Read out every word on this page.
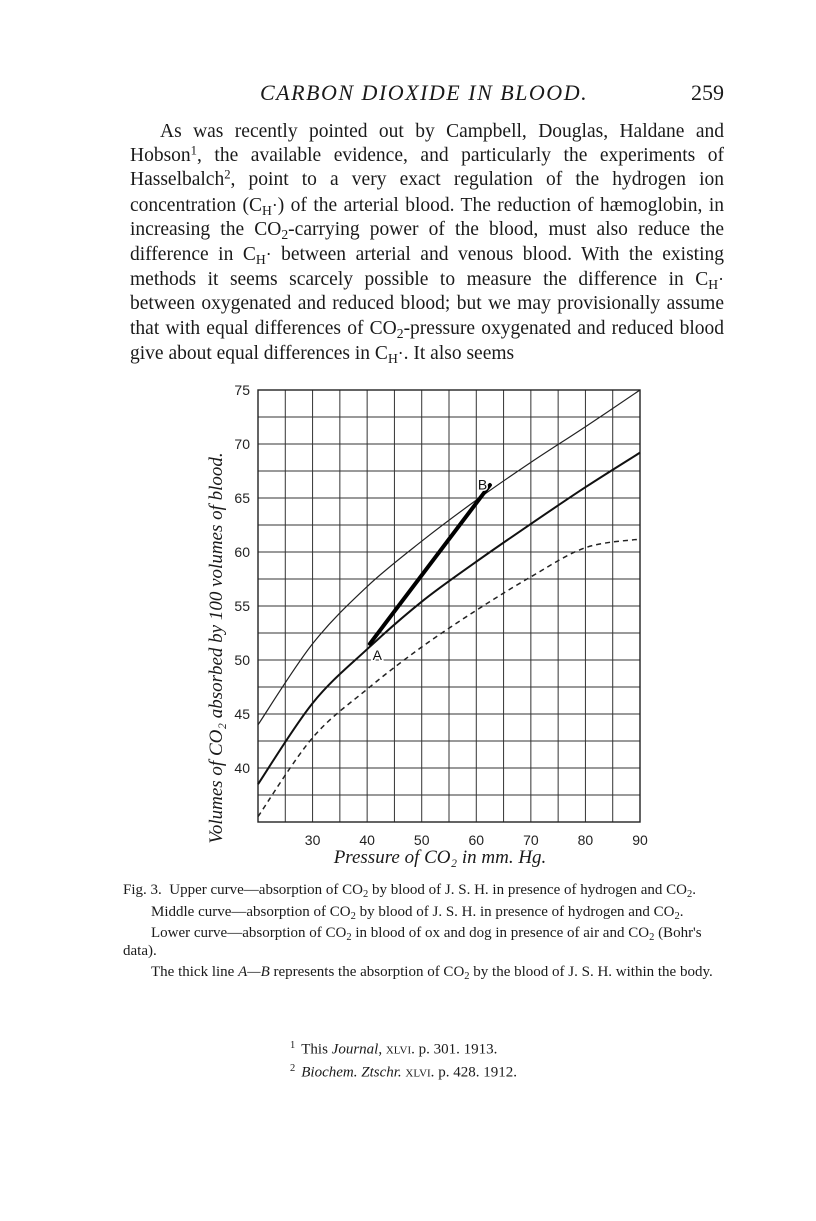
CARBON DIOXIDE IN BLOOD.	259

As was recently pointed out by Campbell, Douglas, Haldane and Hobson$^1$, the available evidence, and particularly the experiments of Hasselbalch$^2$, point to a very exact regulation of the hydrogen ion concentration $(C_H\cdot)$ of the arterial blood. The reduction of hæmoglobin, in increasing the $CO_2$-carrying power of the blood, must also reduce the difference in $C_H\cdot$ between arterial and venous blood. With the existing methods it seems scarcely possible to measure the difference in $C_H\cdot$ between oxygenated and reduced blood; but we may provisionally assume that with equal differences of $CO_2$-pressure oxygenated and reduced blood give about equal differences in $C_H\cdot$. It also seems

30	40	50	60	70	80	90
40
45
50
55
60
65
70
75
A
B
Pressure of CO₂ in mm. Hg.
Volumes of CO₂ absorbed by 100 volumes of blood.

Fig. 3. Upper curve—absorption of $CO_2$ by blood of J. S. H. in presence of hydrogen and $CO_2$.

Middle curve—absorption of $CO_2$ by blood of J. S. H. in presence of hydrogen and $CO_2$.

Lower curve—absorption of $CO_2$ in blood of ox and dog in presence of air and $CO_2$ (Bohr's data).

The thick line A—B represents the absorption of $CO_2$ by the blood of J. S. H. within the body.

$^1$ This Journal, xlvi. p. 301. 1913.
$^2$ Biochem. Ztschr. xlvi. p. 428. 1912.
